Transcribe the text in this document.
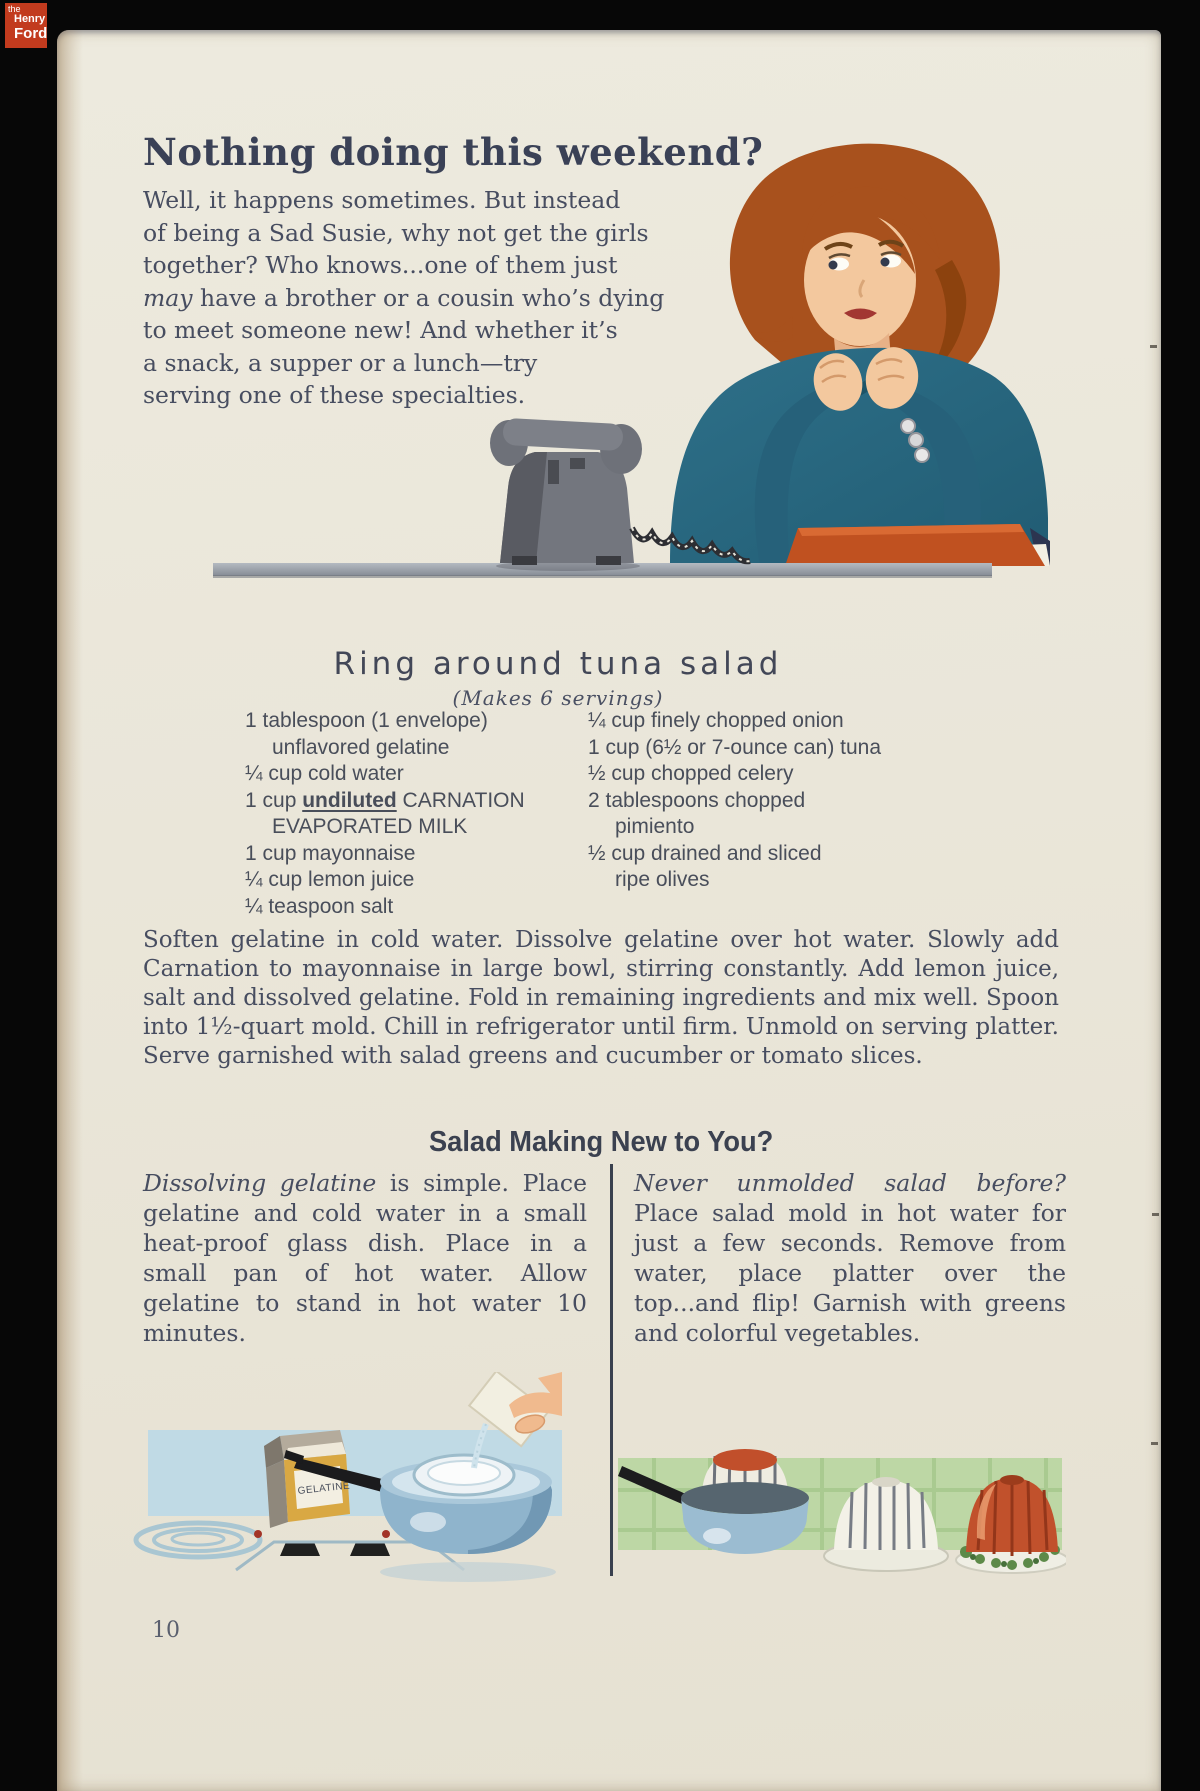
the
Henry
Ford
Nothing doing this weekend?
Well, it happens sometimes. But instead
of being a Sad Susie, why not get the girls
together? Who knows...one of them just
may have a brother or a cousin who’s dying
to meet someone new! And whether it’s
a snack, a supper or a lunch—try
serving one of these specialties.
Ring around tuna salad
(Makes 6 servings)
1 tablespoon (1 envelope)
unflavored gelatine
¼ cup cold water
1 cup undiluted CARNATION
EVAPORATED MILK
1 cup mayonnaise
¼ cup lemon juice
¼ teaspoon salt
¼ cup finely chopped onion
1 cup (6½ or 7-ounce can) tuna
½ cup chopped celery
2 tablespoons chopped
pimiento
½ cup drained and sliced
ripe olives
Soften gelatine in cold water. Dissolve gelatine over hot water. Slowly add Carnation to mayonnaise in large bowl, stirring constantly. Add lemon juice, salt and dissolved gelatine. Fold in remaining ingredients and mix well. Spoon into 1½-quart mold. Chill in refrigerator until firm. Unmold on serving platter. Serve garnished with salad greens and cucumber or tomato slices.
Salad Making New to You?
Dissolving gelatine is simple. Place gelatine and cold water in a small heat-proof glass dish. Place in a small pan of hot water. Allow gelatine to stand in hot water 10 minutes.
Never unmolded salad before? Place salad mold in hot water for just a few seconds. Remove from water, place platter over the top...and flip! Garnish with greens and colorful vegetables.
GELATINE
10
